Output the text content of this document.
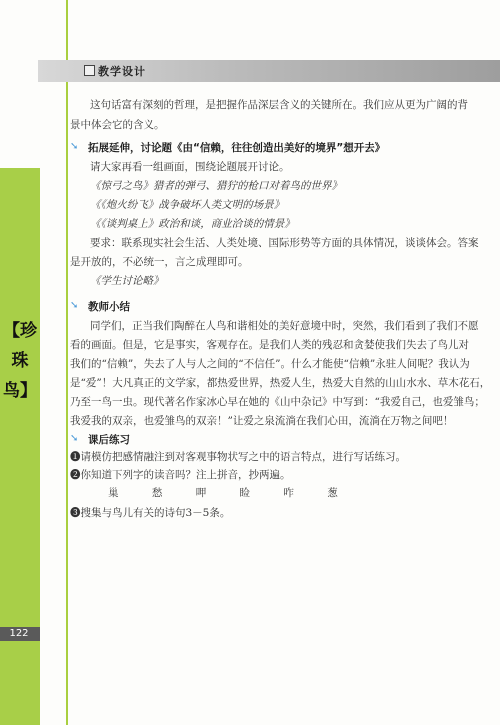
教学设计
【珍
珠
鸟】
122
这句话富有深刻的哲理，是把握作品深层含义的关键所在。我们应从更为广阔的背
景中体会它的含义。
➘ 拓展延伸，讨论题《由“信赖，往往创造出美好的境界”想开去》
请大家再看一组画面，围绕论题展开讨论。
《惊弓之鸟》猎者的弹弓、猎狞的枪口对着鸟的世界》
《《炮火纷飞》战争破坏人类文明的场景》
《《谈判桌上》政治和谈，商业洽谈的情景》
要求：联系现实社会生活、人类处境、国际形势等方面的具体情况，谈谈体会。答案
是开放的，不必统一，言之成理即可。
《学生讨论略》
➘ 教师小结
同学们，正当我们陶醉在人鸟和谐相处的美好意境中时，突然，我们看到了我们不愿
看的画面。但是，它是事实，客观存在。是我们人类的残忍和贪婪使我们失去了鸟儿对
我们的“信赖”，失去了人与人之间的“不信任”。什么才能使“信赖”永驻人间呢？我认为
是“爱”！大凡真正的文学家，都热爱世界，热爱人生，热爱大自然的山山水水、草木花石，
乃至一鸟一虫。现代著名作家冰心早在她的《山中杂记》中写到：“我爱自己，也爱雏鸟；
我爱我的双亲，也爱雏鸟的双亲！”让爱之泉流淌在我们心田，流淌在万物之间吧！
➘ 课后练习
❶请模仿把感情融注到对客观事物状写之中的语言特点，进行写话练习。
❷你知道下列字的读音吗？注上拼音，抄两遍。
巢	愁	呷	睑	咋	葱
❸搜集与鸟儿有关的诗句3－5条。
